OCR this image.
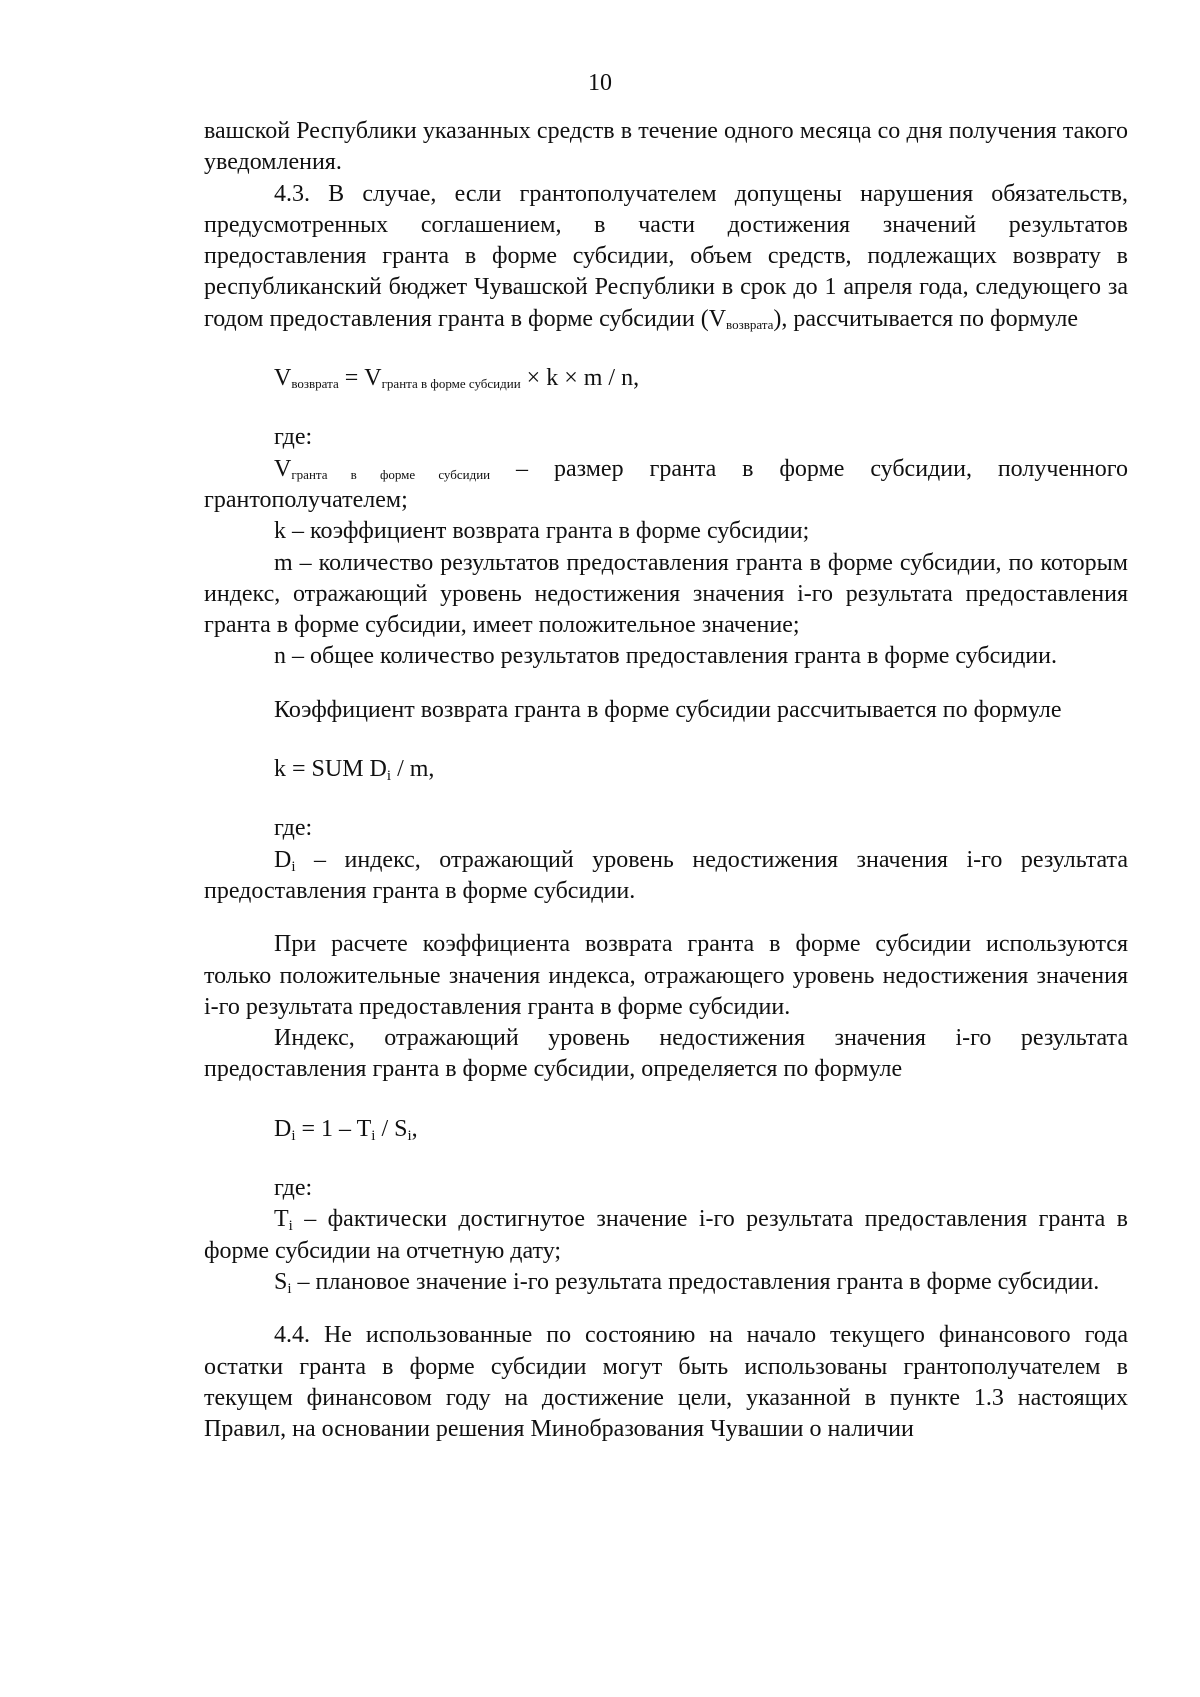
10

вашской Республики указанных средств в течение одного месяца со дня получения такого уведомления.

4.3. В случае, если грантополучателем допущены нарушения обязательств, предусмотренных соглашением, в части достижения значений результатов предоставления гранта в форме субсидии, объем средств, подлежащих возврату в республиканский бюджет Чувашской Республики в срок до 1 апреля года, следующего за годом предоставления гранта в форме субсидии $(V_{возврата})$, рассчитывается по формуле

$V_{возврата} = V_{гранта в форме субсидии} \times k \times m / n$,

где:

$V_{гранта в форме субсидии}$ – размер гранта в форме субсидии, полученного грантополучателем;

k – коэффициент возврата гранта в форме субсидии;

m – количество результатов предоставления гранта в форме субсидии, по которым индекс, отражающий уровень недостижения значения i-го результата предоставления гранта в форме субсидии, имеет положительное значение;

n – общее количество результатов предоставления гранта в форме субсидии.

Коэффициент возврата гранта в форме субсидии рассчитывается по формуле

k = SUM Di / m,

где:

Di – индекс, отражающий уровень недостижения значения i-го результата предоставления гранта в форме субсидии.

При расчете коэффициента возврата гранта в форме субсидии используются только положительные значения индекса, отражающего уровень недостижения значения i-го результата предоставления гранта в форме субсидии.

Индекс, отражающий уровень недостижения значения i-го результата предоставления гранта в форме субсидии, определяется по формуле

Di = 1 – Ti / Si,

где:

Ti – фактически достигнутое значение i-го результата предоставления гранта в форме субсидии на отчетную дату;

Si – плановое значение i-го результата предоставления гранта в форме субсидии.

4.4. Не использованные по состоянию на начало текущего финансового года остатки гранта в форме субсидии могут быть использованы грантополучателем в текущем финансовом году на достижение цели, указанной в пункте 1.3 настоящих Правил, на основании решения Минобразования Чувашии о наличии
